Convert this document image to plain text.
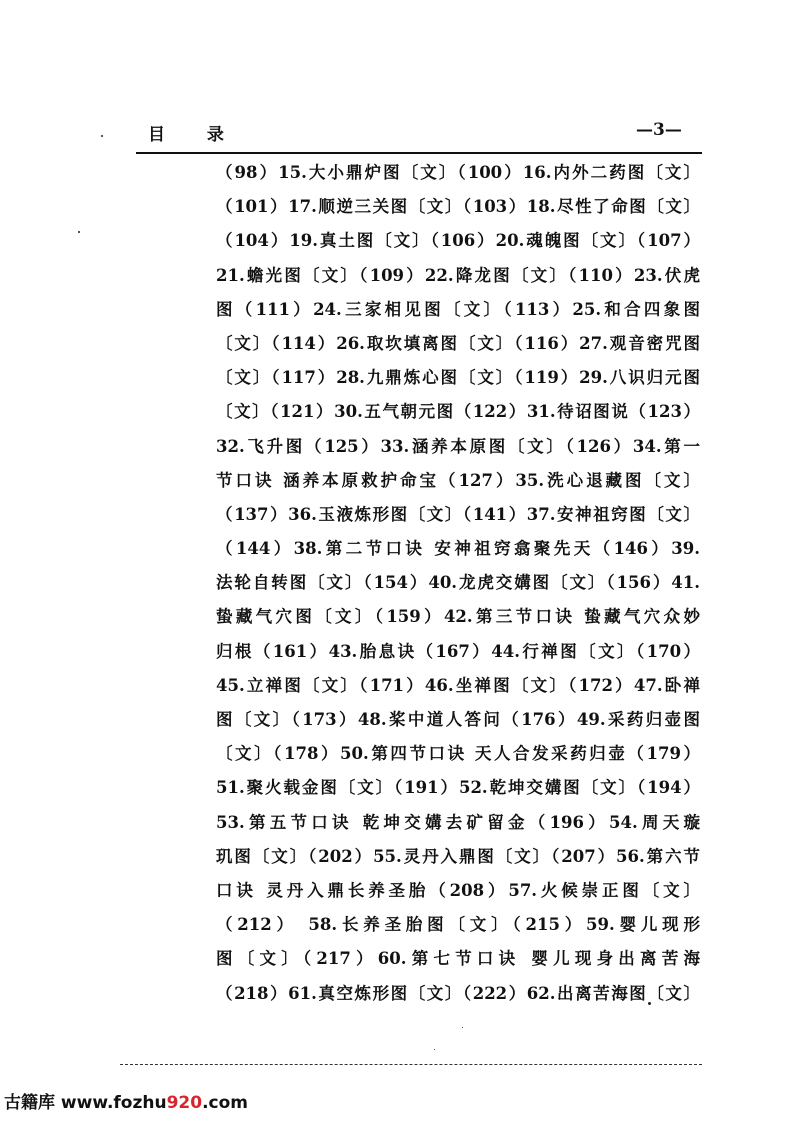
目 录	—3—
（98）15.大小鼎炉图〔文〕（100）16.内外二药图〔文〕
（101）17.顺逆三关图〔文〕（103）18.尽性了命图〔文〕
（104）19.真土图〔文〕（106）20.魂魄图〔文〕（107）
21.蟾光图〔文〕（109）22.降龙图〔文〕（110）23.伏虎
图（111）24.三家相见图〔文〕（113）25.和合四象图
〔文〕（114）26.取坎填离图〔文〕（116）27.观音密咒图
〔文〕（117）28.九鼎炼心图〔文〕（119）29.八识归元图
〔文〕（121）30.五气朝元图（122）31.待诏图说（123）
32.飞升图（125）33.涵养本原图〔文〕（126）34.第一
节口诀 涵养本原救护命宝（127）35.洗心退藏图〔文〕
（137）36.玉液炼形图〔文〕（141）37.安神祖窍图〔文〕
（144）38.第二节口诀 安神祖窍翕聚先天（146）39.
法轮自转图〔文〕（154）40.龙虎交媾图〔文〕（156）41.
蛰藏气穴图〔文〕（159）42.第三节口诀 蛰藏气穴众妙
归根（161）43.胎息诀（167）44.行禅图〔文〕（170）
45.立禅图〔文〕（171）46.坐禅图〔文〕（172）47.卧禅
图〔文〕（173）48.桨中道人答问（176）49.采药归壶图
〔文〕（178）50.第四节口诀 天人合发采药归壶（179）
51.聚火载金图〔文〕（191）52.乾坤交媾图〔文〕（194）
53.第五节口诀 乾坤交媾去矿留金（196）54.周天璇
玑图〔文〕（202）55.灵丹入鼎图〔文〕（207）56.第六节
口诀 灵丹入鼎长养圣胎（208）57.火候崇正图〔文〕
（212） 58.长养圣胎图〔文〕（215）59.婴儿现形
图〔文〕（217）60.第七节口诀 婴儿现身出离苦海
（218）61.真空炼形图〔文〕（222）62.出离苦海图〔文〕
古籍库 www.fozhu920.com
